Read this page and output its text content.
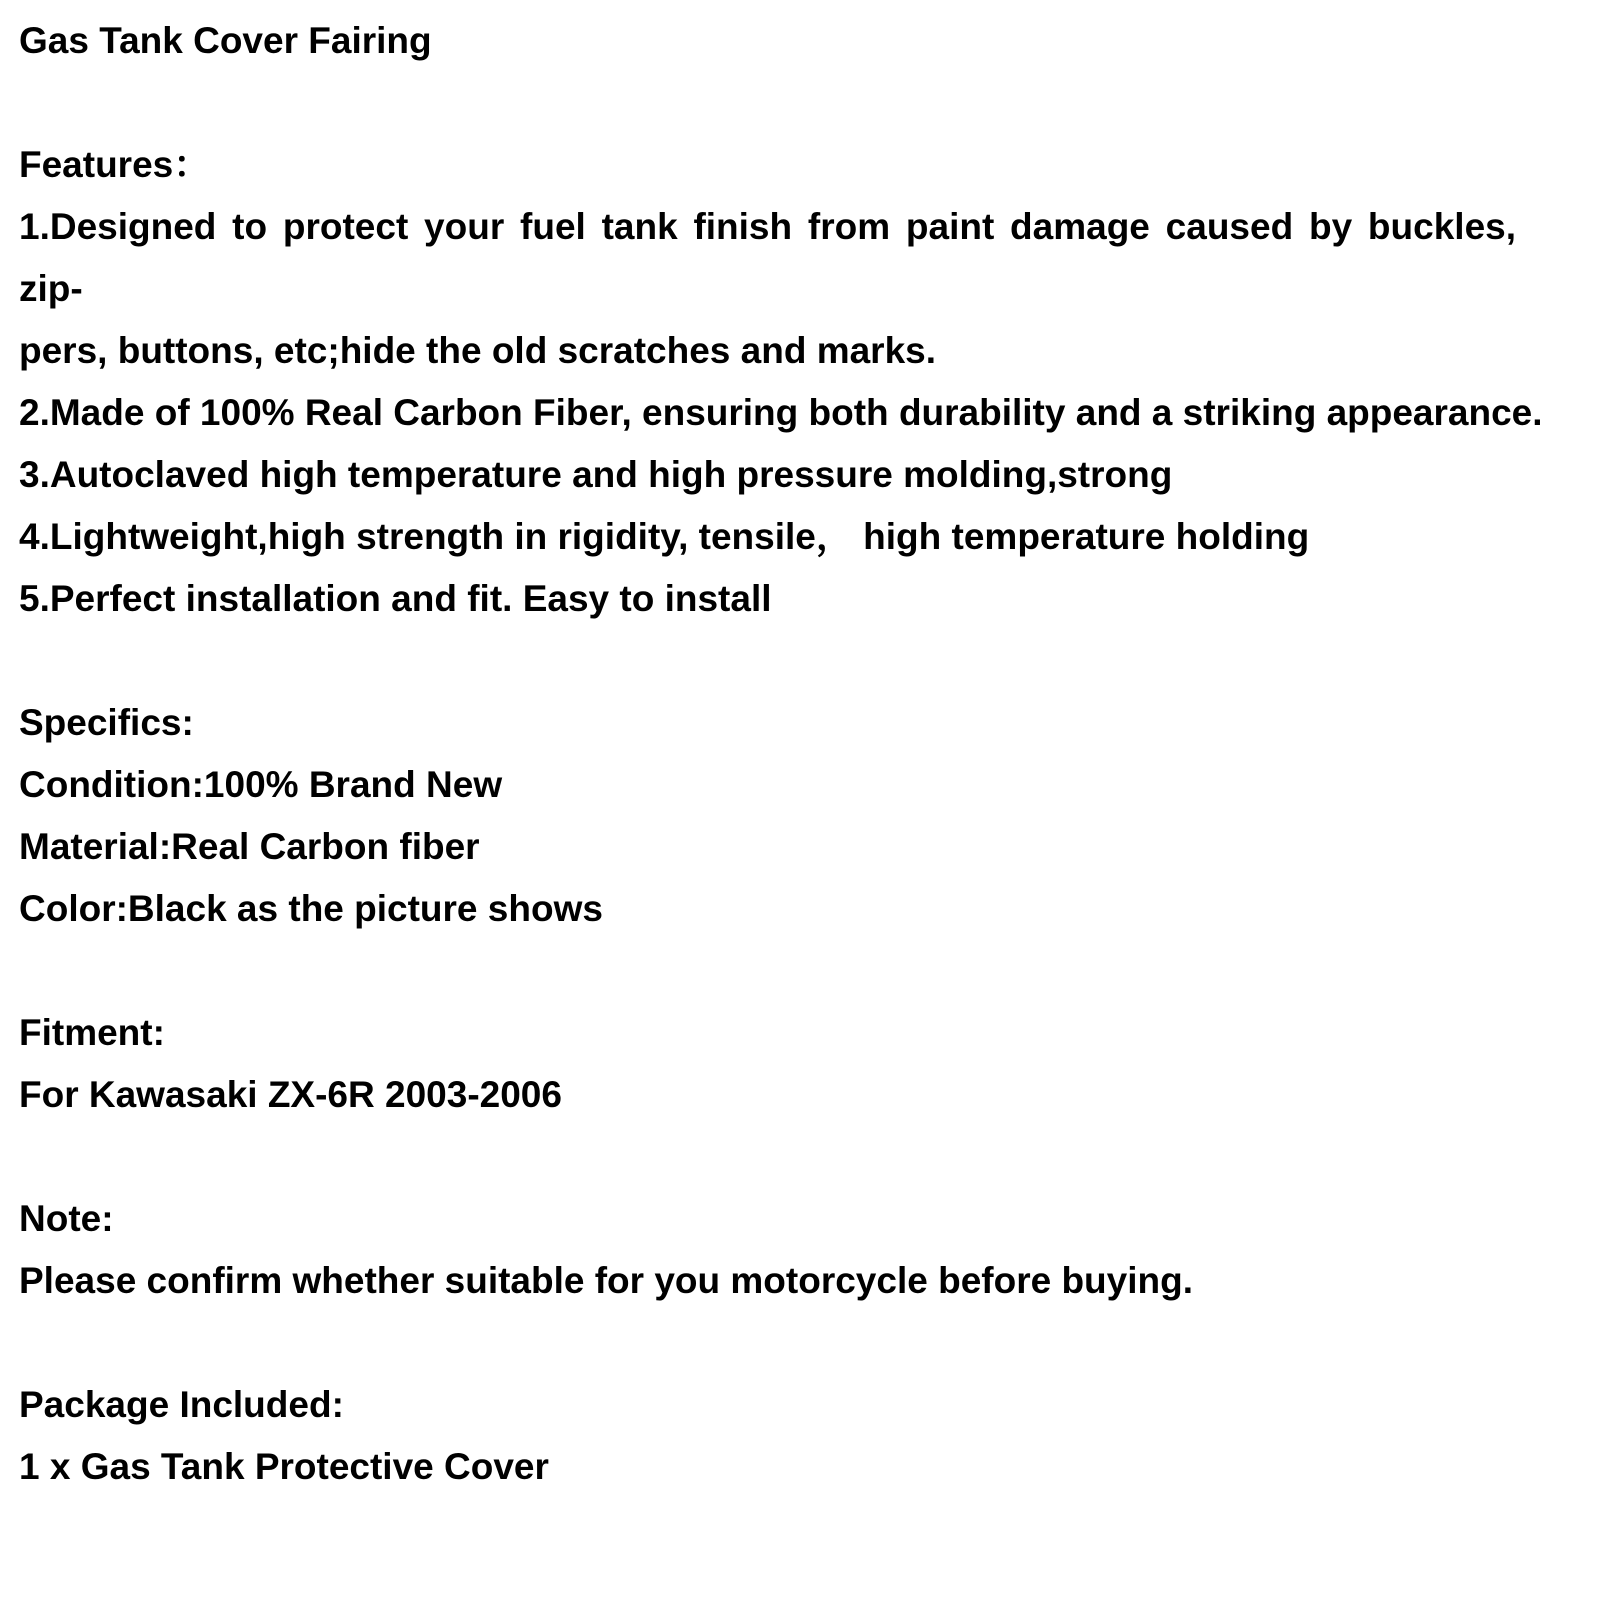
Gas Tank Cover Fairing
Features：
1.Designed to protect your fuel tank finish from paint damage caused by buckles, zip-
pers, buttons, etc;hide the old scratches and marks.
2.Made of 100% Real Carbon Fiber, ensuring both durability and a striking appearance.
3.Autoclaved high temperature and high pressure molding,strong
4.Lightweight,high strength in rigidity, tensile， high temperature holding
5.Perfect installation and fit. Easy to install
Specifics:
Condition:100% Brand New
Material:Real Carbon fiber
Color:Black as the picture shows
Fitment:
For Kawasaki ZX-6R 2003-2006
Note:
Please confirm whether suitable for you motorcycle before buying.
Package Included:
1 x Gas Tank Protective Cover
